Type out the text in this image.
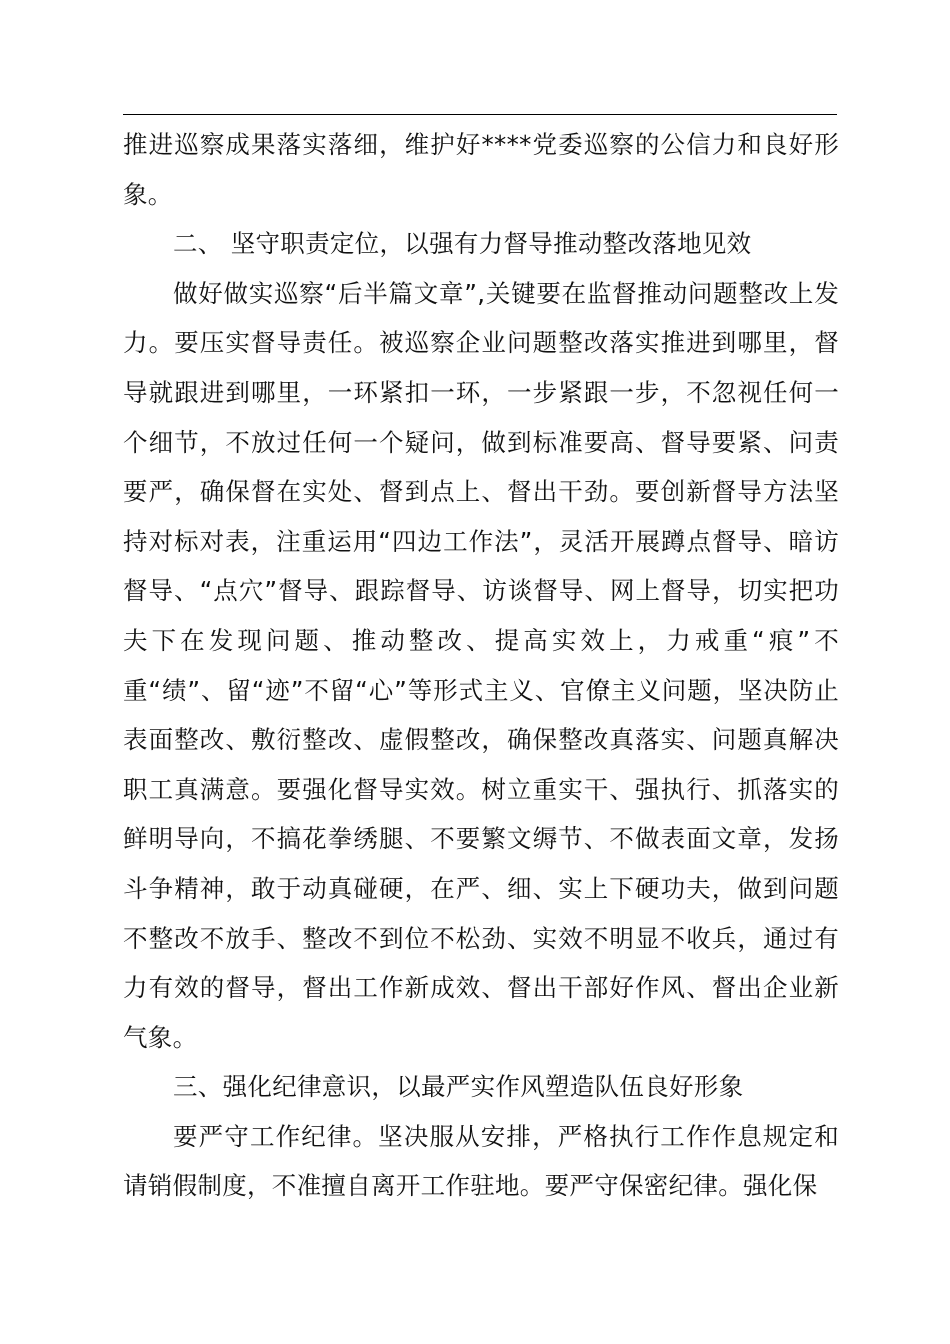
推进巡察成果落实落细，维护好****党委巡察的公信力和良好形象。

二、 坚守职责定位，以强有力督导推动整改落地见效

做好做实巡察“后半篇文章”,关键要在监督推动问题整改上发力。要压实督导责任。被巡察企业问题整改落实推进到哪里，督导就跟进到哪里，一环紧扣一环，一步紧跟一步，不忽视任何一个细节，不放过任何一个疑问，做到标准要高、督导要紧、问责要严，确保督在实处、督到点上、督出干劲。要创新督导方法坚持对标对表，注重运用“四边工作法”，灵活开展蹲点督导、暗访督导、“点穴”督导、跟踪督导、访谈督导、网上督导，切实把功夫下在发现问题、推动整改、提高实效上，力戒重“痕”不重“绩”、留“迹”不留“心”等形式主义、官僚主义问题，坚决防止表面整改、敷衍整改、虚假整改，确保整改真落实、问题真解决职工真满意。要强化督导实效。树立重实干、强执行、抓落实的鲜明导向，不搞花拳绣腿、不要繁文缛节、不做表面文章，发扬斗争精神，敢于动真碰硬，在严、细、实上下硬功夫，做到问题不整改不放手、整改不到位不松劲、实效不明显不收兵，通过有力有效的督导，督出工作新成效、督出干部好作风、督出企业新气象。

三、强化纪律意识，以最严实作风塑造队伍良好形象

要严守工作纪律。坚决服从安排，严格执行工作作息规定和请销假制度，不准擅自离开工作驻地。要严守保密纪律。强化保
